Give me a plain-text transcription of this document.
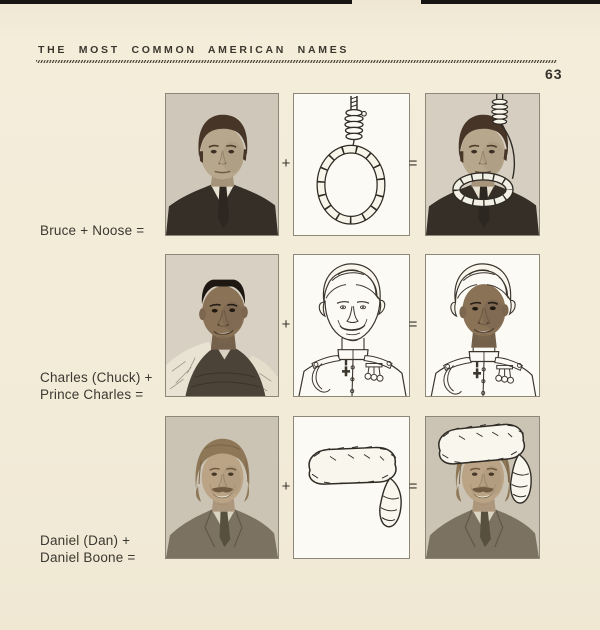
THE MOST COMMON AMERICAN NAMES
63
+	=
Bruce + Noose =
+	=
Charles (Chuck) +
Prince Charles =
+	=
Daniel (Dan) +
Daniel Boone =
